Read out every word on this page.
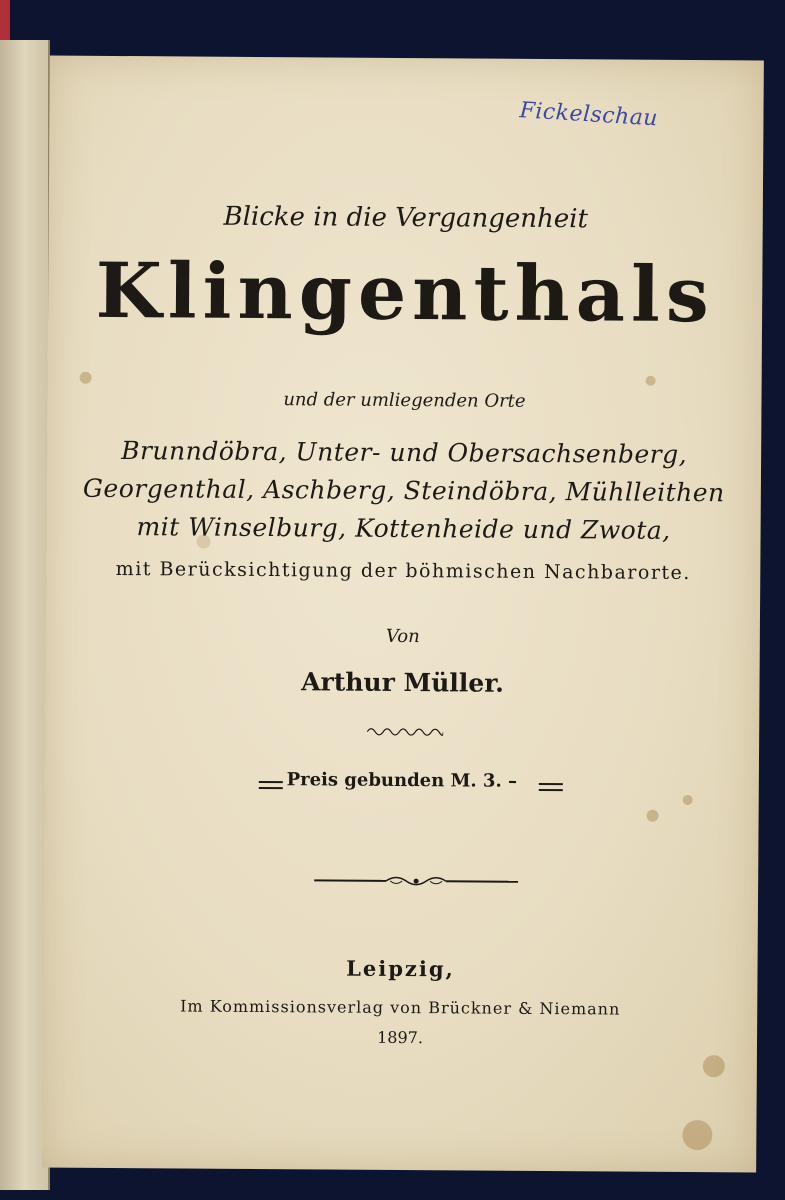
Fickelschau
Blicke in die Vergangenheit
Klingenthals
und der umliegenden Orte
Brunndöbra, Unter- und Obersachsenberg,
Georgenthal, Aschberg, Steindöbra, Mühlleithen
mit Winselburg, Kottenheide und Zwota,
mit Berücksichtigung der böhmischen Nachbarorte.
Von
Arthur Müller.
Preis gebunden M. 3. –
Leipzig,
Im Kommissionsverlag von Brückner & Niemann
1897.
